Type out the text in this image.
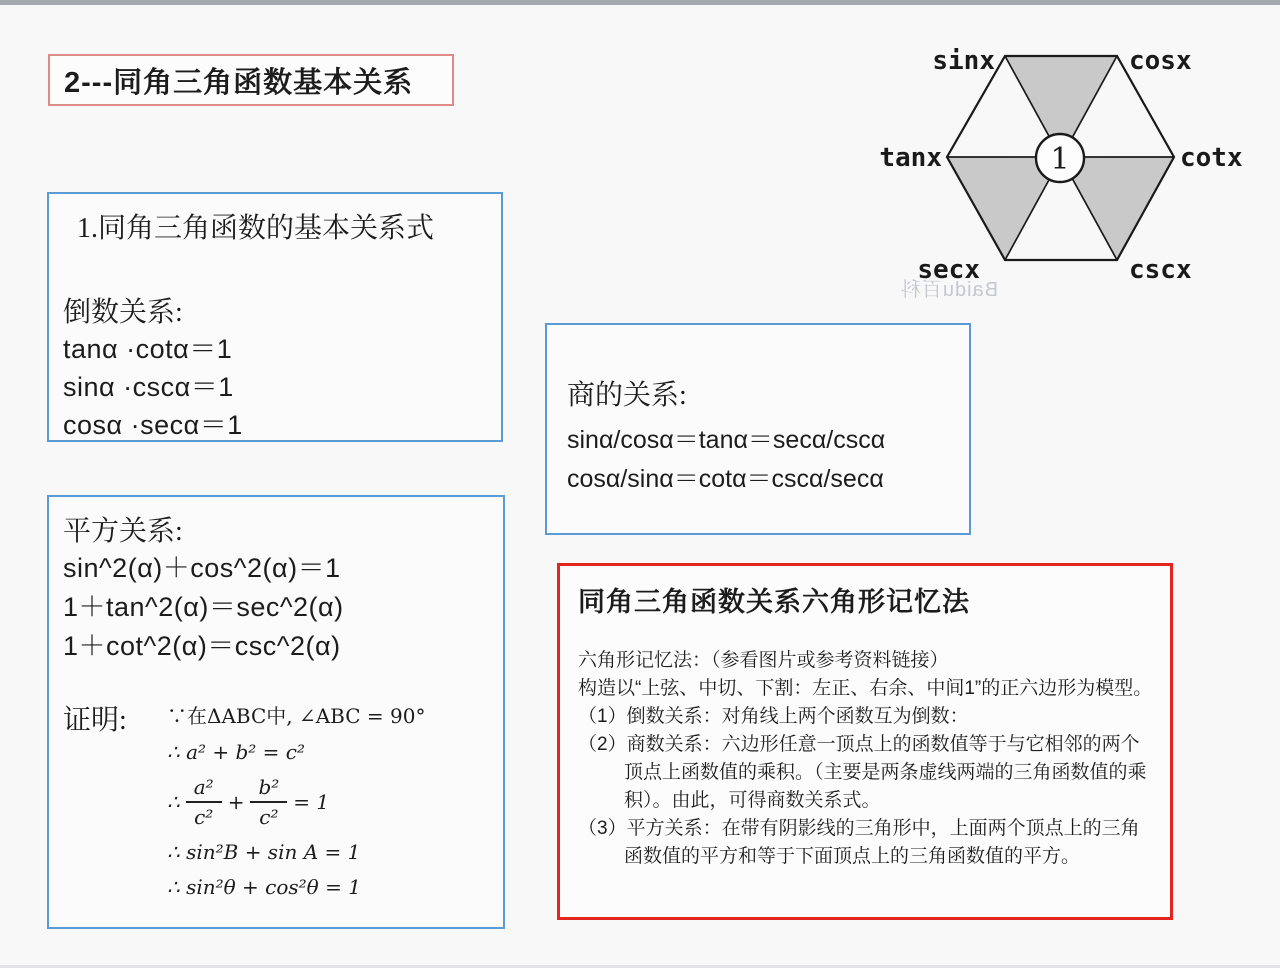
2---同角三角函数基本关系
1.同角三角函数的基本关系式
倒数关系:
tanα ·cotα＝1
sinα ·cscα＝1
cosα ·secα＝1
商的关系:
sinα/cosα＝tanα＝secα/cscα
cosα/sinα＝cotα＝cscα/secα
平方关系:
sin^2(α)＋cos^2(α)＝1
1＋tan^2(α)＝sec^2(α)
1＋cot^2(α)＝csc^2(α)
证明:	∵在ΔABC中, ∠ABC = 90°
∴ a² + b² = c²
∴ $\frac{\text{a²}}{\text{c²}} + \frac{\text{b²}}{\text{c²}} = 1$
∴ sin²B + sin A = 1
∴ sin²θ + cos²θ = 1
同角三角函数关系六角形记忆法
六角形记忆法：（参看图片或参考资料链接）
构造以“上弦、中切、下割：左正、右余、中间1”的正六边形为模型。
（1）倒数关系：对角线上两个函数互为倒数：
（2）商数关系：六边形任意一顶点上的函数值等于与它相邻的两个顶点上函数值的乘积。（主要是两条虚线两端的三角函数值的乘积）。由此，可得商数关系式。
（3）平方关系：在带有阴影线的三角形中，上面两个顶点上的三角函数值的平方和等于下面顶点上的三角函数值的平方。
1
sinx	cosx
tanx	cotx
secx	cscx
Baidu百科
